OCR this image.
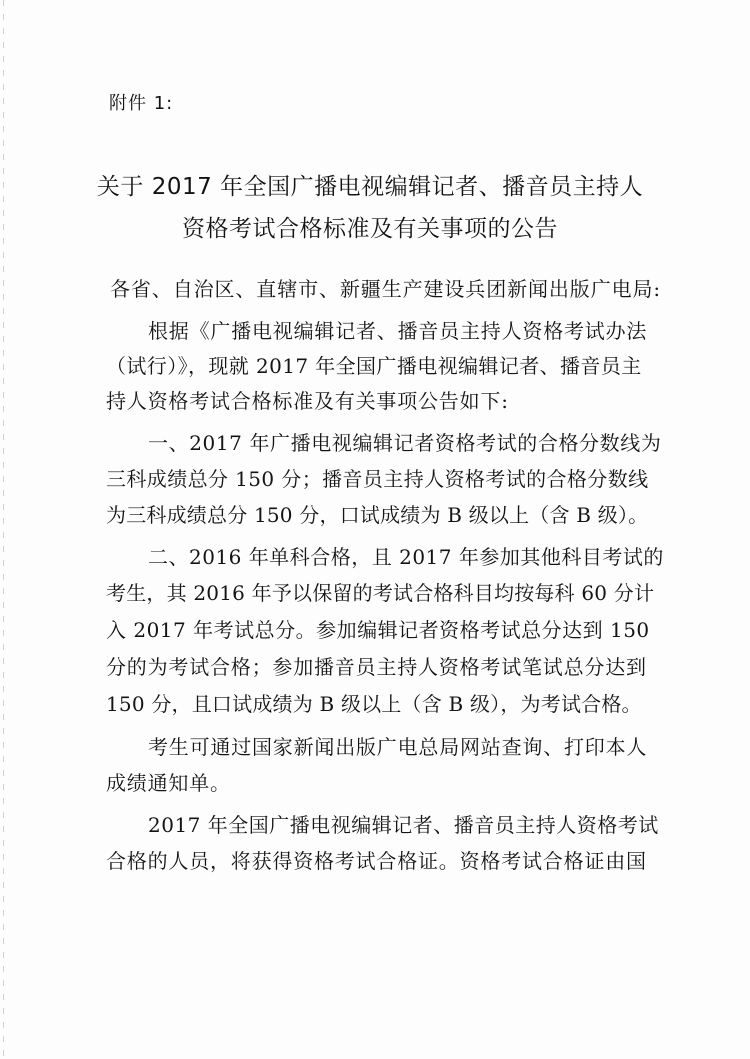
附件 1:
关于 2017 年全国广播电视编辑记者、播音员主持人
资格考试合格标准及有关事项的公告
各省、自治区、直辖市、新疆生产建设兵团新闻出版广电局:
根据《广播电视编辑记者、播音员主持人资格考试办法
（试行）》，现就 2017 年全国广播电视编辑记者、播音员主
持人资格考试合格标准及有关事项公告如下:
一、2017 年广播电视编辑记者资格考试的合格分数线为
三科成绩总分 150 分；播音员主持人资格考试的合格分数线
为三科成绩总分 150 分，口试成绩为 B 级以上（含 B 级）。
二、2016 年单科合格，且 2017 年参加其他科目考试的
考生，其 2016 年予以保留的考试合格科目均按每科 60 分计
入 2017 年考试总分。参加编辑记者资格考试总分达到 150
分的为考试合格；参加播音员主持人资格考试笔试总分达到
150 分，且口试成绩为 B 级以上（含 B 级），为考试合格。
考生可通过国家新闻出版广电总局网站查询、打印本人
成绩通知单。
2017 年全国广播电视编辑记者、播音员主持人资格考试
合格的人员，将获得资格考试合格证。资格考试合格证由国
